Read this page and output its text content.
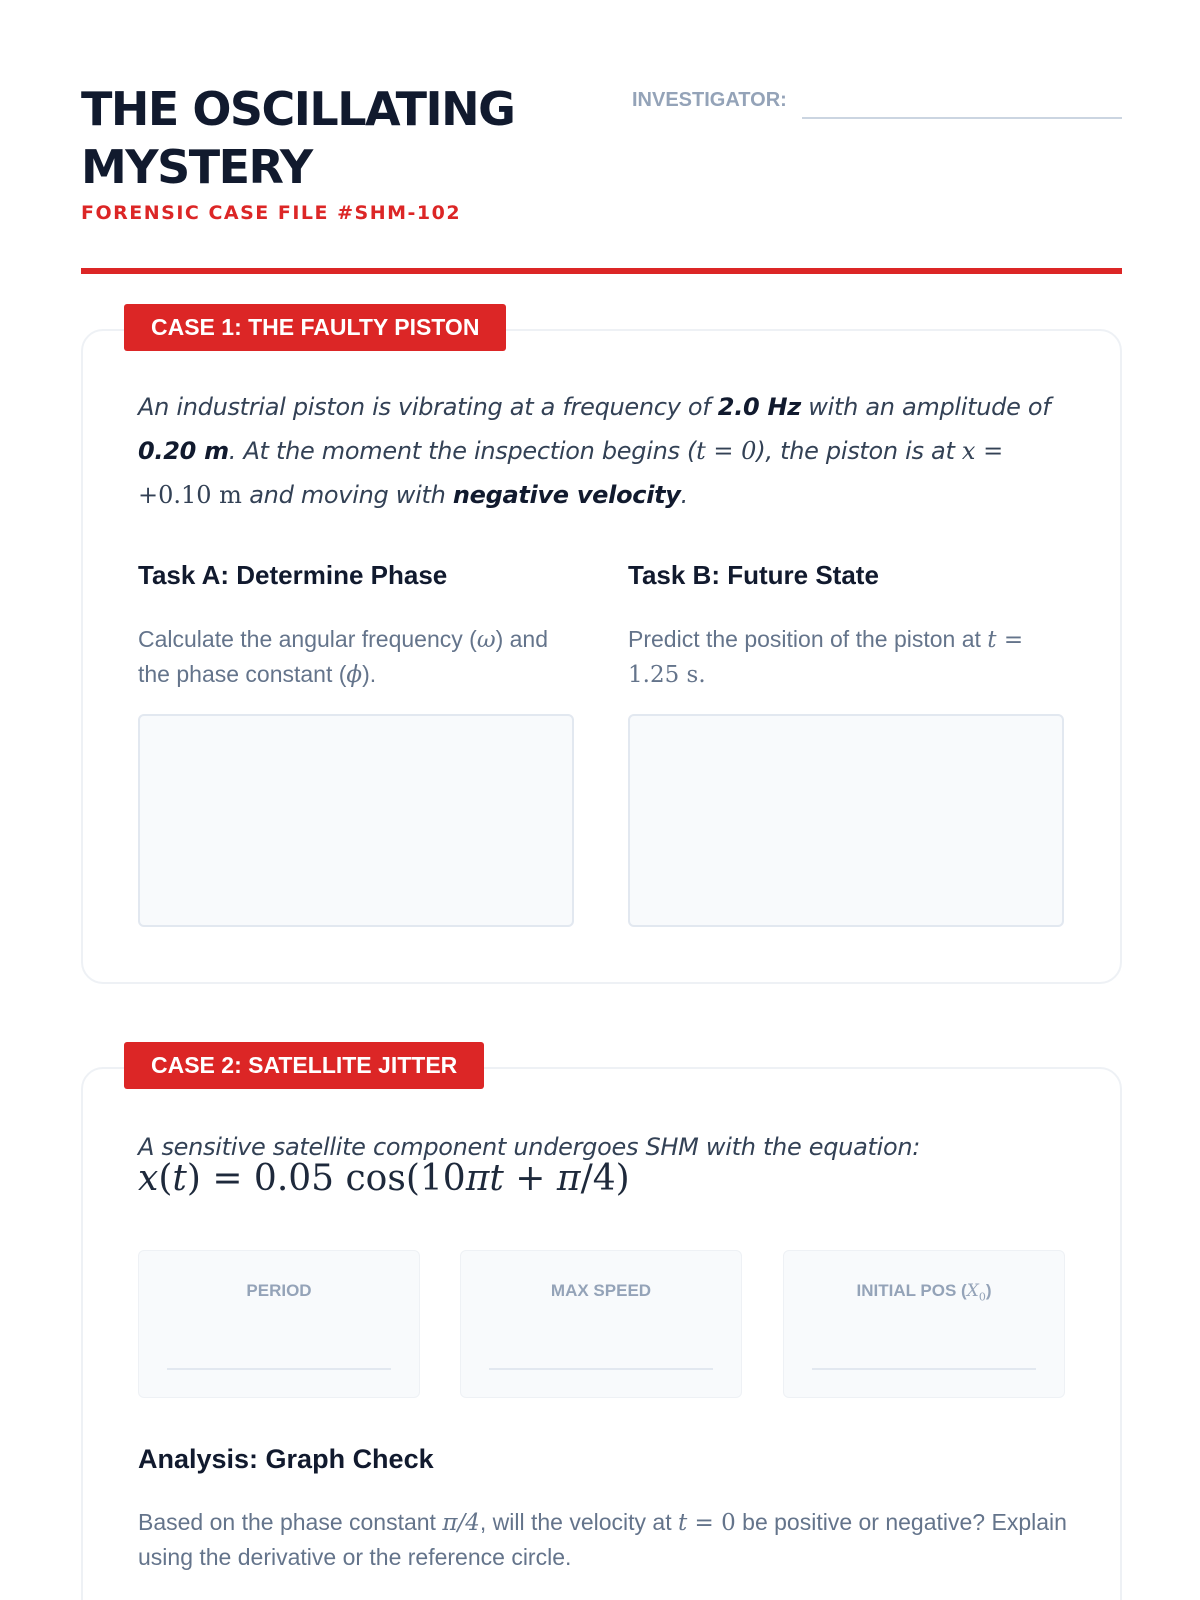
THE OSCILLATING
MYSTERY
FORENSIC CASE FILE #SHM-102
INVESTIGATOR:
CASE 1: THE FAULTY PISTON

An industrial piston is vibrating at a frequency of 2.0 Hz with an amplitude of 0.20 m. At the moment the inspection begins (t = 0), the piston is at x = +0.10 m and moving with negative velocity.

Task A: Determine Phase
Calculate the angular frequency (ω) and the phase constant (ϕ).
Task B: Future State
Predict the position of the piston at t = 1.25 s.
CASE 2: SATELLITE JITTER

A sensitive satellite component undergoes SHM with the equation:

x(t) = 0.05 cos(10πt + π/4)
PERIOD	MAX SPEED	INITIAL POS $(X_0)$
Analysis: Graph Check
Based on the phase constant π/4, will the velocity at t = 0 be positive or negative? Explain using the derivative or the reference circle.
